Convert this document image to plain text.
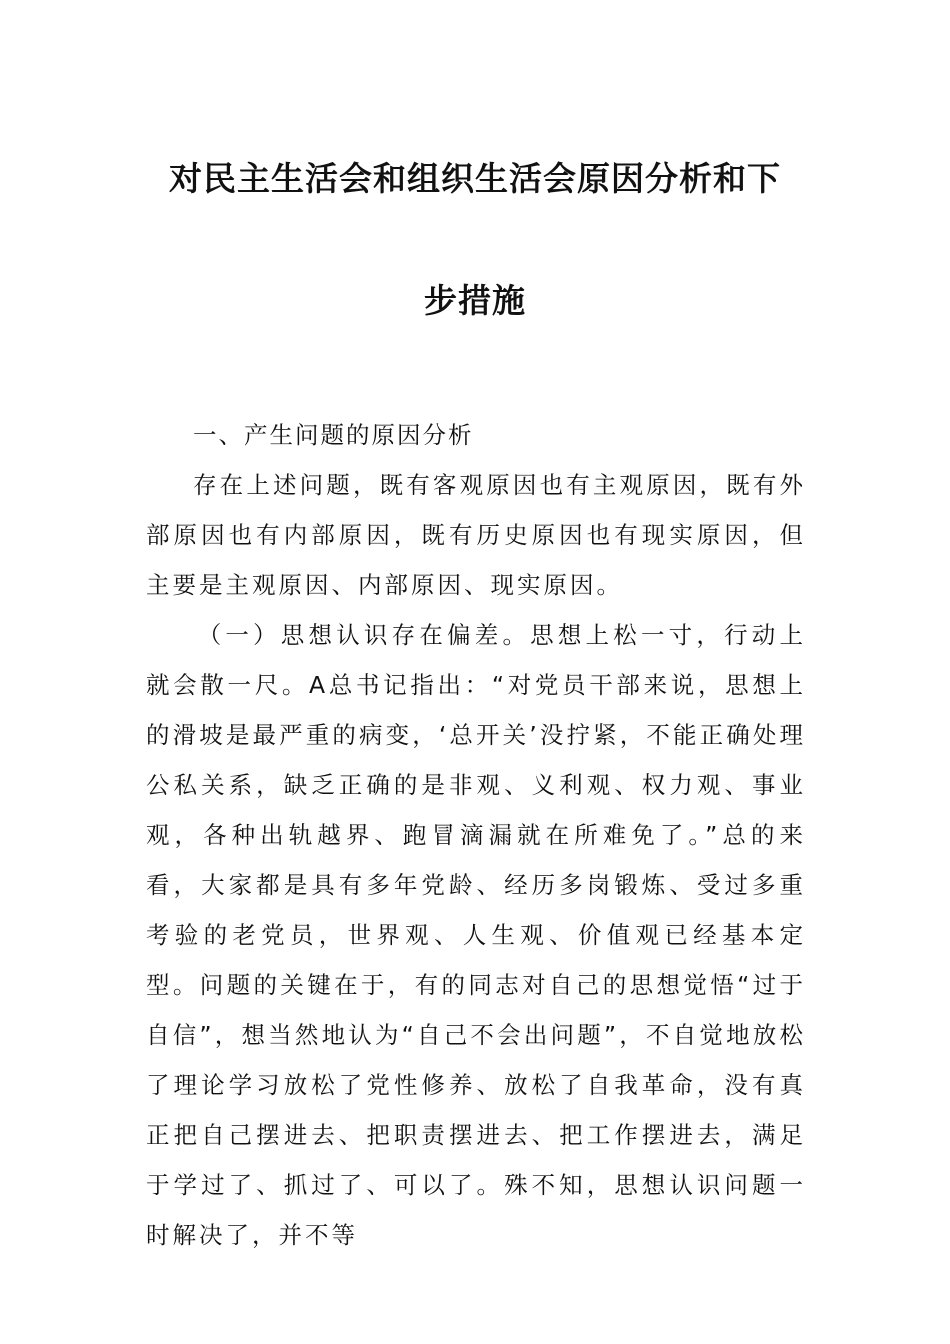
对民主生活会和组织生活会原因分析和下
步措施

一、产生问题的原因分析

存在上述问题，既有客观原因也有主观原因，既有外部原因也有内部原因，既有历史原因也有现实原因，但主要是主观原因、内部原因、现实原因。

（一）思想认识存在偏差。思想上松一寸，行动上就会散一尺。A总书记指出：“对党员干部来说，思想上的滑坡是最严重的病变，‘总开关’没拧紧，不能正确处理公私关系，缺乏正确的是非观、义利观、权力观、事业观，各种出轨越界、跑冒滴漏就在所难免了。”总的来看，大家都是具有多年党龄、经历多岗锻炼、受过多重考验的老党员，世界观、人生观、价值观已经基本定型。问题的关键在于，有的同志对自己的思想觉悟“过于自信”，想当然地认为“自己不会出问题”，不自觉地放松了理论学习放松了党性修养、放松了自我革命，没有真正把自己摆进去、把职责摆进去、把工作摆进去，满足于学过了、抓过了、可以了。殊不知，思想认识问题一时解决了，并不等
